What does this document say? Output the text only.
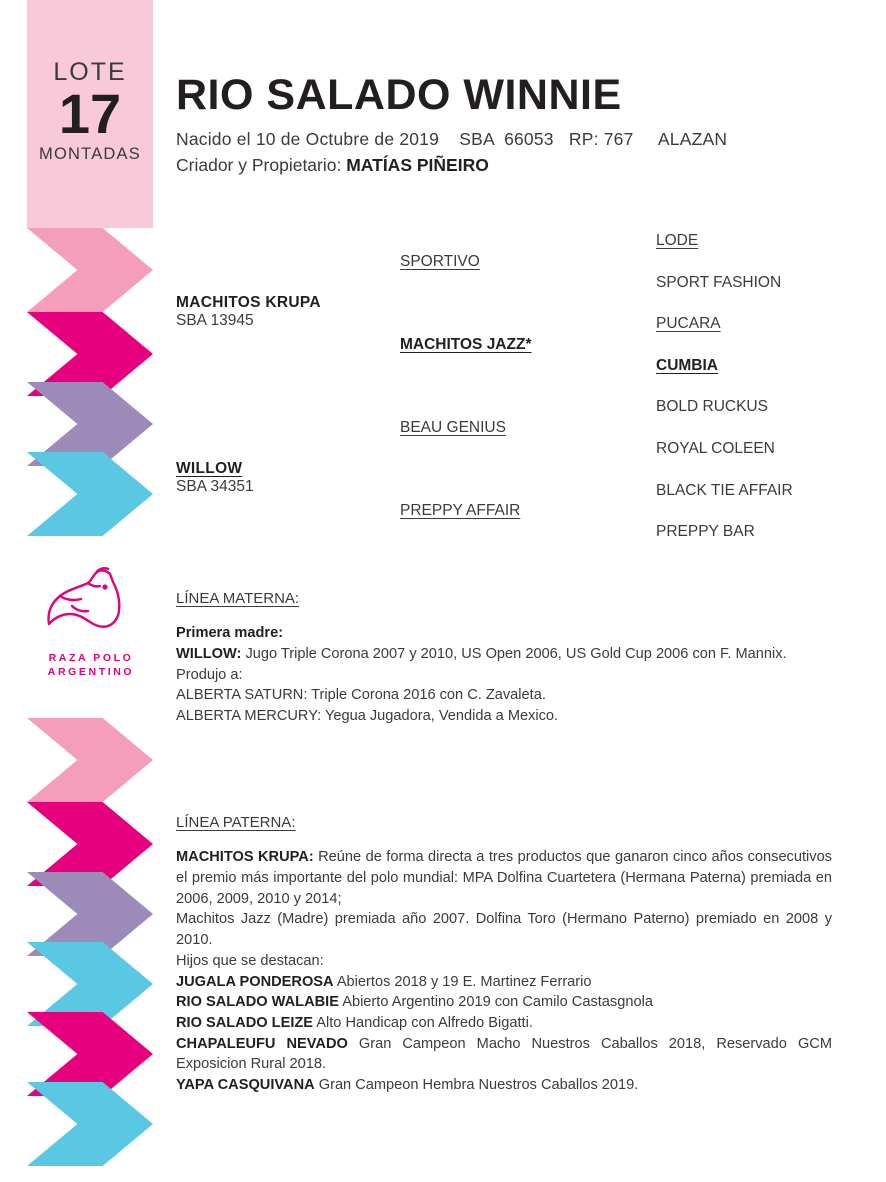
LOTE
17
MONTADAS
RAZA POLO
ARGENTINO
RIO SALADO WINNIE
Nacido el 10 de Octubre de 2019    SBA  66053   RP: 767     ALAZAN
Criador y Propietario: MATÍAS PIÑEIRO
MACHITOS KRUPA
SBA 13945
WILLOW
SBA 34351
SPORTIVO
MACHITOS JAZZ*
BEAU GENIUS
PREPPY AFFAIR
LODE
SPORT FASHION
PUCARA
CUMBIA
BOLD RUCKUS
ROYAL COLEEN
BLACK TIE AFFAIR
PREPPY BAR
LÍNEA MATERNA:
Primera madre:
WILLOW: Jugo Triple Corona 2007 y 2010, US Open 2006, US Gold Cup 2006 con F. Mannix.
Produjo a:
ALBERTA SATURN: Triple Corona 2016 con C. Zavaleta.
ALBERTA MERCURY: Yegua Jugadora, Vendida a Mexico.
LÍNEA PATERNA:
MACHITOS KRUPA: Reúne de forma directa a tres productos que ganaron cinco años consecutivos el premio más importante del polo mundial: MPA Dolfina Cuartetera (Hermana Paterna) premiada en 2006, 2009, 2010 y 2014;
Machitos Jazz (Madre) premiada año 2007. Dolfina Toro (Hermano Paterno) premiado en 2008 y 2010.
Hijos que se destacan:
JUGALA PONDEROSA Abiertos 2018 y 19 E. Martinez Ferrario
RIO SALADO WALABIE Abierto Argentino 2019 con Camilo Castasgnola
RIO SALADO LEIZE Alto Handicap con Alfredo Bigatti.
CHAPALEUFU NEVADO Gran Campeon Macho Nuestros Caballos 2018, Reservado GCM Exposicion Rural 2018.
YAPA CASQUIVANA Gran Campeon Hembra Nuestros Caballos 2019.
